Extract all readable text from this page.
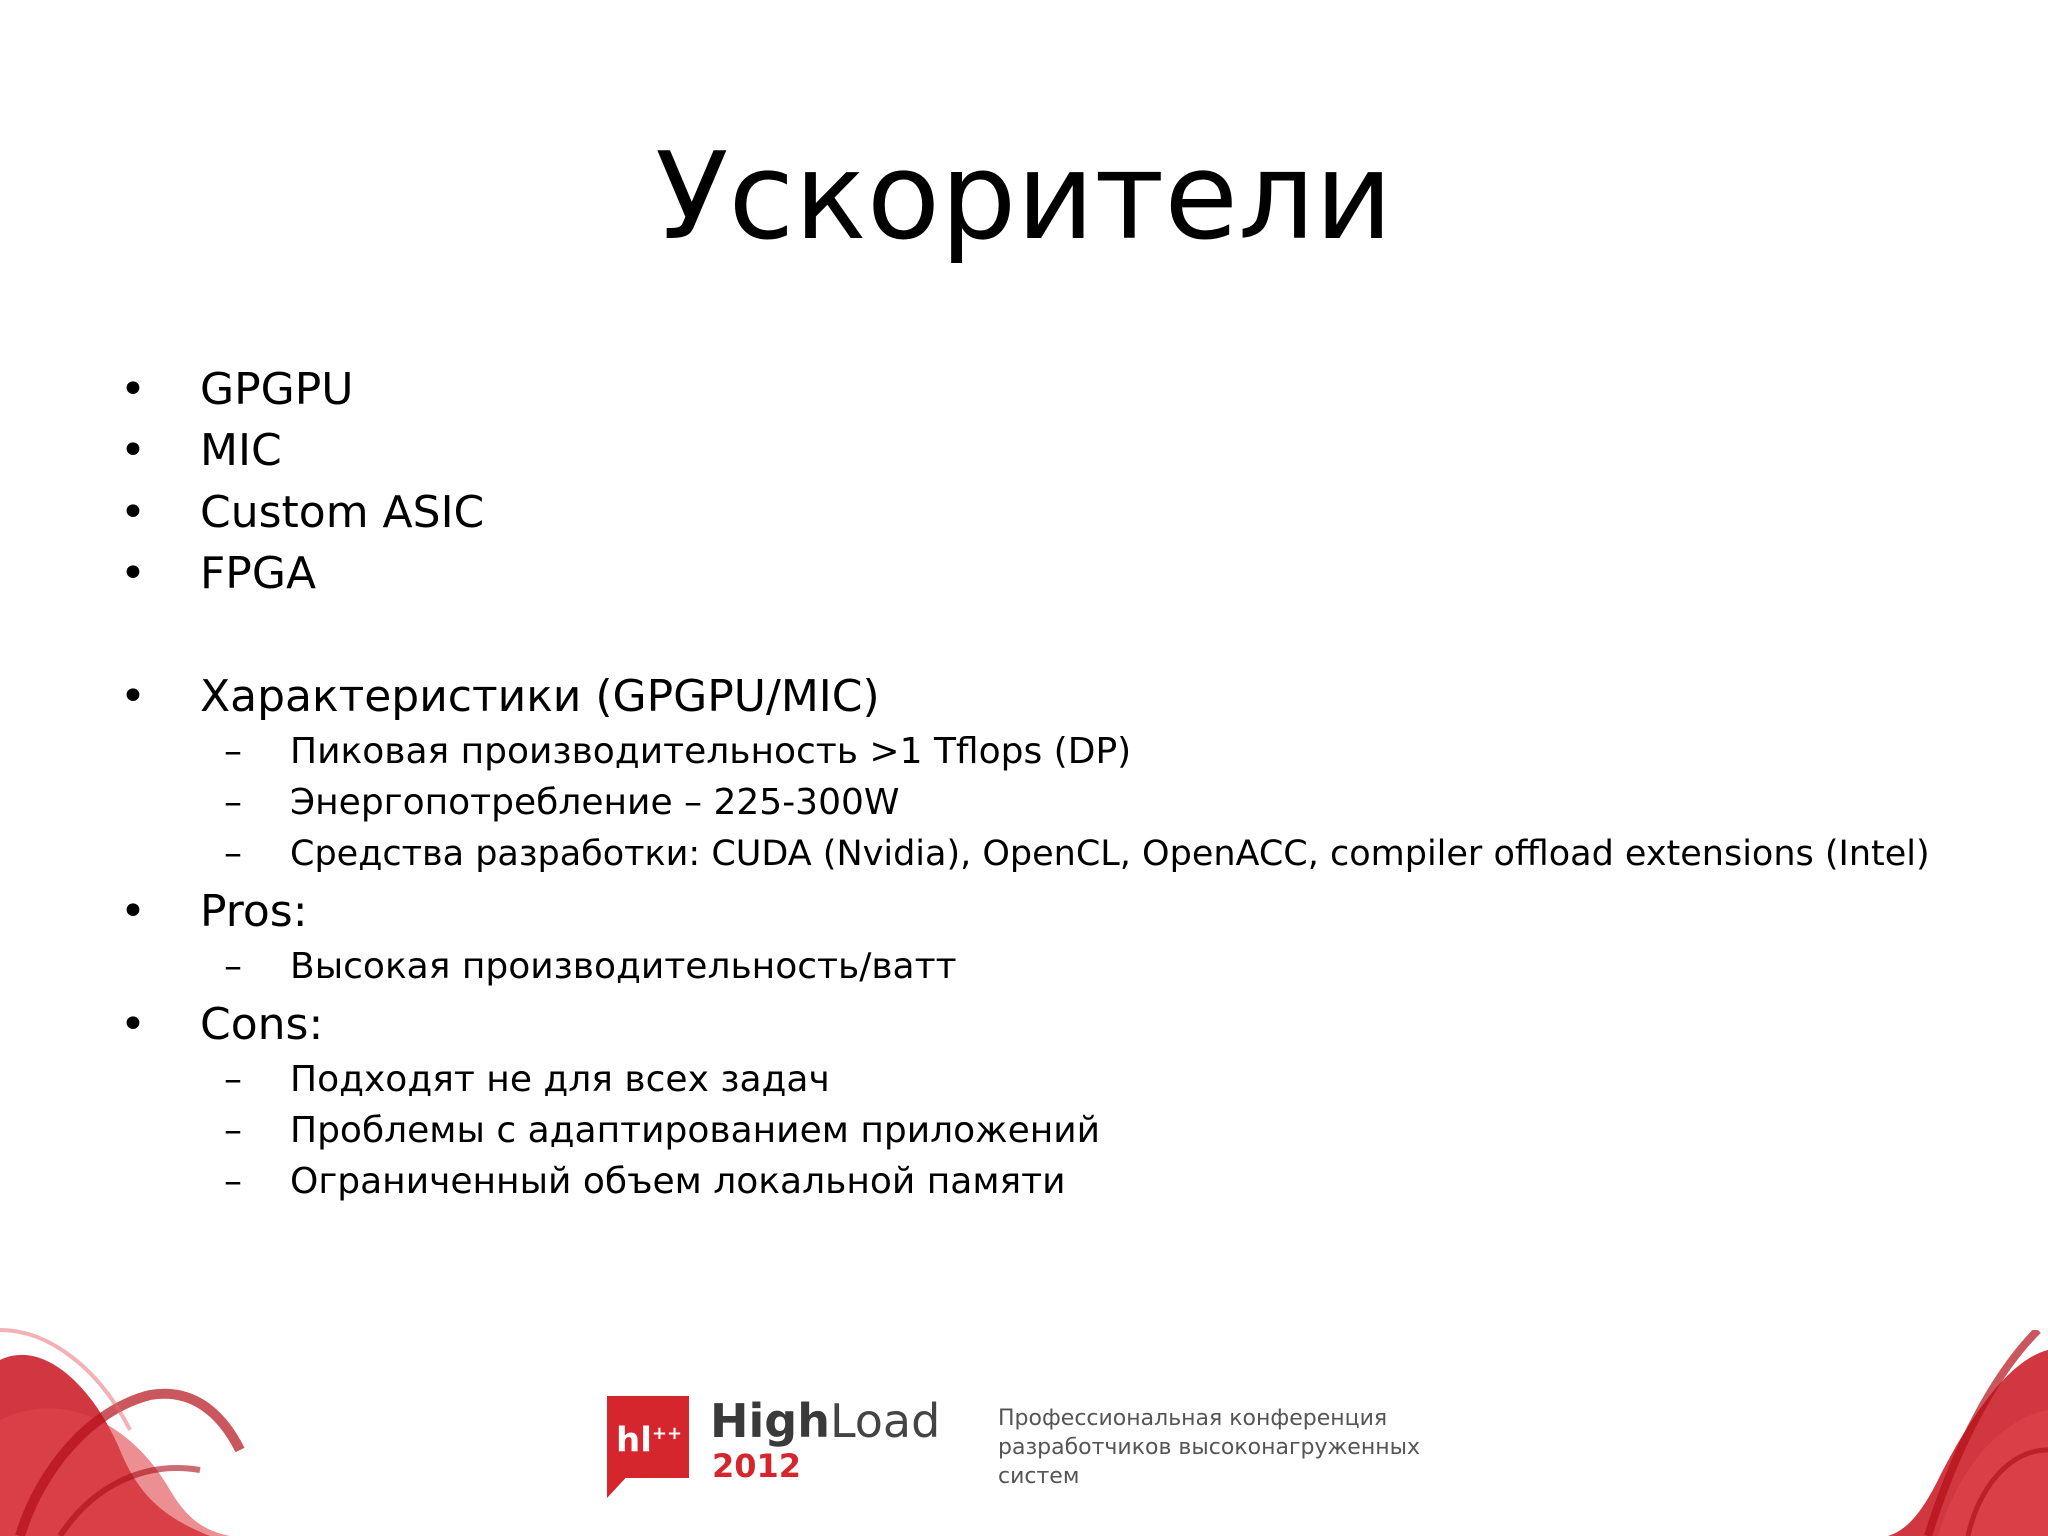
Ускорители
• GPGPU
• MIC
• Custom ASIC
• FPGA
• Характеристики (GPGPU/MIC)
– Пиковая производительность >1 Tflops (DP)
– Энергопотребление – 225-300W
– Средства разработки: CUDA (Nvidia), OpenCL, OpenACC, compiler offload extensions (Intel)
• Pros:
– Высокая производительность/ватт
• Cons:
– Подходят не для всех задач
– Проблемы с адаптированием приложений
– Ограниченный объем локальной памяти
hl++ HighLoad
2012
Профессиональная конференция
разработчиков высоконагруженных
систем
